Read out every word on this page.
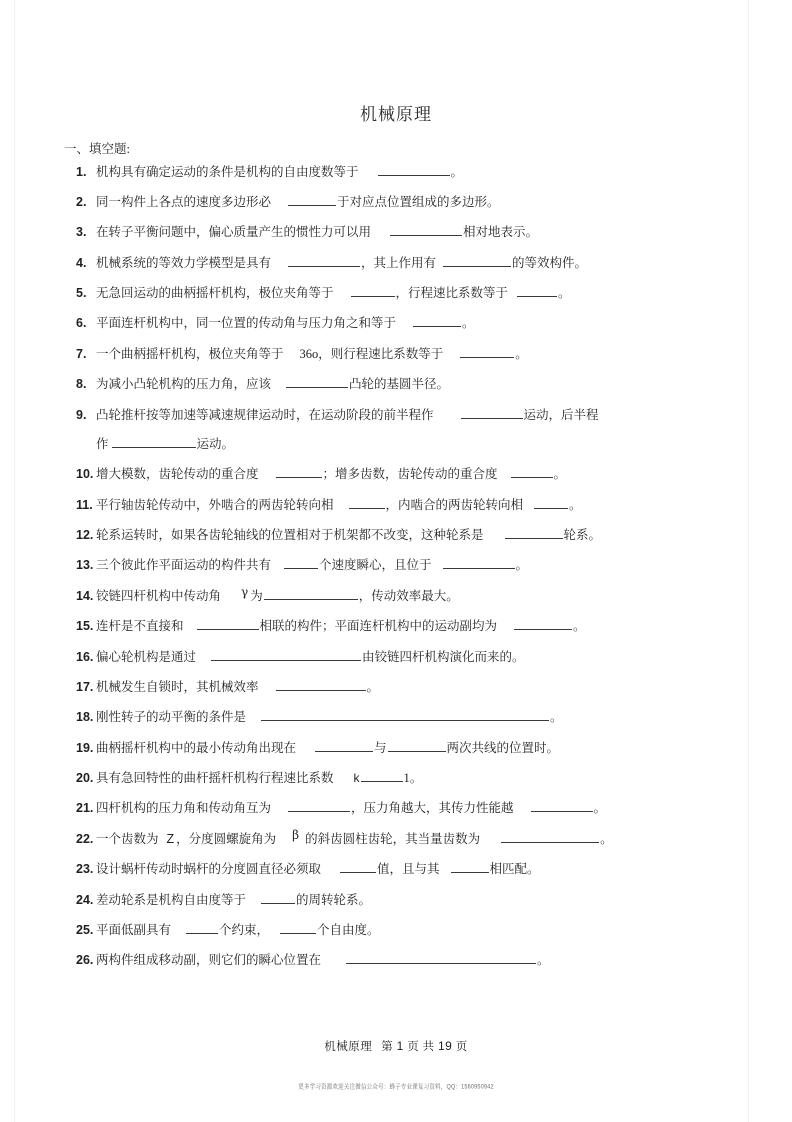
机械原理
一、填空题:
1. 机构具有确定运动的条件是机构的自由度数等于	。
2. 同一构件上各点的速度多边形必	于对应点位置组成的多边形。
3. 在转子平衡问题中，偏心质量产生的惯性力可以用	相对地表示。
4. 机械系统的等效力学模型是具有	，其上作用有	的等效构件。
5. 无急回运动的曲柄摇杆机构，极位夹角等于	，行程速比系数等于	。
6. 平面连杆机构中，同一位置的传动角与压力角之和等于	。
7. 一个曲柄摇杆机构，极位夹角等于 36o，则行程速比系数等于	。
8. 为减小凸轮机构的压力角，应该	凸轮的基圆半径。
9. 凸轮推杆按等加速等减速规律运动时，在运动阶段的前半程作	运动，后半程
作	运动。
10. 增大模数，齿轮传动的重合度	；增多齿数，齿轮传动的重合度	。
11. 平行轴齿轮传动中，外啮合的两齿轮转向相	，内啮合的两齿轮转向相	。
12. 轮系运转时，如果各齿轮轴线的位置相对于机架都不改变，这种轮系是	轮系。
13. 三个彼此作平面运动的构件共有	个速度瞬心，且位于	。
14. 铰链四杆机构中传动角 γ 为	，传动效率最大。
15. 连杆是不直接和	相联的构件；平面连杆机构中的运动副均为	。
16. 偏心轮机构是通过	由铰链四杆机构演化而来的。
17. 机械发生自锁时，其机械效率	。
18. 刚性转子的动平衡的条件是	。
19. 曲柄摇杆机构中的最小传动角出现在	与	两次共线的位置时。
20. 具有急回特性的曲杆摇杆机构行程速比系数 k	1。
21. 四杆机构的压力角和传动角互为	，压力角越大，其传力性能越	。
22. 一个齿数为 Z ，分度圆螺旋角为 β 的斜齿圆柱齿轮，其当量齿数为	。
23. 设计蜗杆传动时蜗杆的分度圆直径必须取	值，且与其	相匹配。
24. 差动轮系是机构自由度等于	的周转轮系。
25. 平面低副具有	个约束，	个自由度。
26. 两构件组成移动副，则它们的瞬心位置在	。
机械原理 第 1 页 共 19 页
更多学习资源欢迎关注微信公众号：蜂子专业课复习资料，QQ：1560950942
